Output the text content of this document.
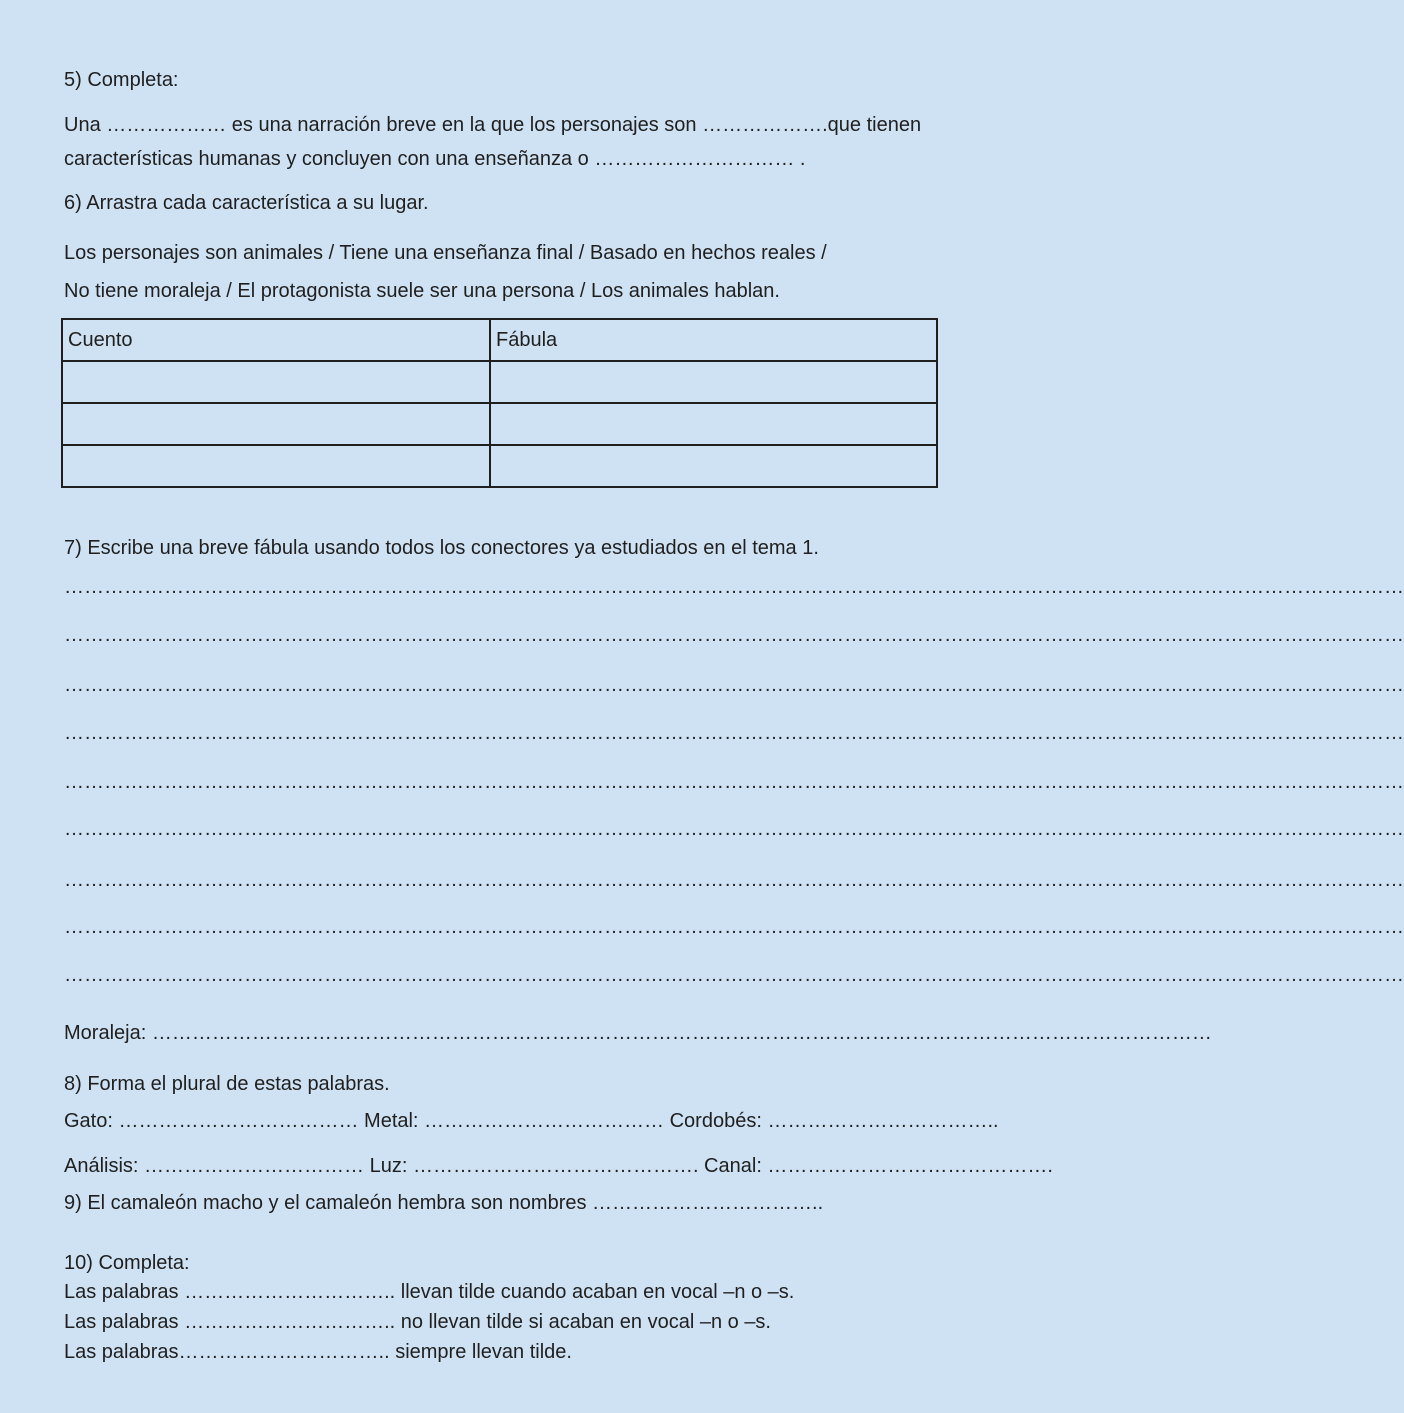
5) Completa:
Una ……………… es una narración breve en la que los personajes son ……………….que tienen
características humanas y concluyen con una enseñanza o ………………………… .
6) Arrastra cada característica a su lugar.
Los personajes son animales / Tiene una enseñanza final / Basado en hechos reales /
No tiene moraleja / El protagonista suele ser una persona / Los animales hablan.
Cuento	Fábula

7) Escribe una breve fábula usando todos los conectores ya estudiados en el tema 1.
…………………………………………………………………………………………………………………………………………………………………………………
…………………………………………………………………………………………………………………………………………………………………………………
…………………………………………………………………………………………………………………………………………………………………………………
…………………………………………………………………………………………………………………………………………………………………………………
…………………………………………………………………………………………………………………………………………………………………………………
…………………………………………………………………………………………………………………………………………………………………………………
…………………………………………………………………………………………………………………………………………………………………………………
…………………………………………………………………………………………………………………………………………………………………………………
…………………………………………………………………………………………………………………………………………………………………………………
Moraleja: ……………………………………………………………………………………………………………………………………………
8) Forma el plural de estas palabras.
Gato: ……………………………… Metal: ……………………………… Cordobés: ……………………………..
Análisis: …………………………… Luz: ……………………………………. Canal: …………………………………….
9) El camaleón macho y el camaleón hembra son nombres ……………………………..
10) Completa:
Las palabras ………………………….. llevan tilde cuando acaban en vocal –n o –s.
Las palabras ………………………….. no llevan tilde si acaban en vocal –n o –s.
Las palabras………………………….. siempre llevan tilde.
